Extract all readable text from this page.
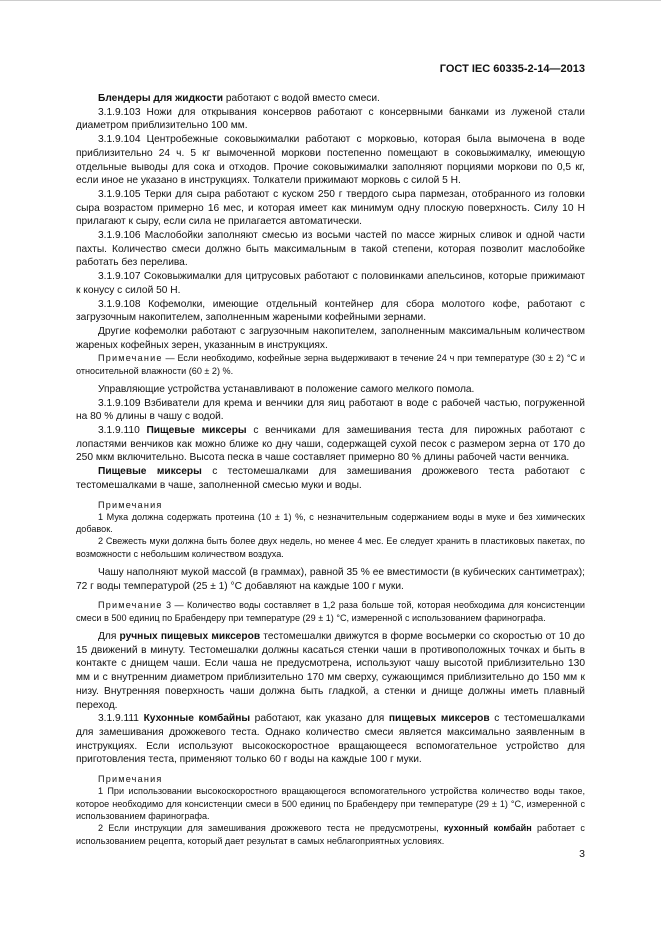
ГОСТ IEC 60335-2-14—2013

Блендеры для жидкости работают с водой вместо смеси.

3.1.9.103 Ножи для открывания консервов работают с консервными банками из луженой стали диаметром приблизительно 100 мм.

3.1.9.104 Центробежные соковыжималки работают с морковью, которая была вымочена в воде приблизительно 24 ч. 5 кг вымоченной моркови постепенно помещают в соковыжималку, имеющую отдельные выводы для сока и отходов. Прочие соковыжималки заполняют порциями моркови по 0,5 кг, если иное не указано в инструкциях. Толкатели прижимают морковь с силой 5 Н.

3.1.9.105 Терки для сыра работают с куском 250 г твердого сыра пармезан, отобранного из головки сыра возрастом примерно 16 мес, и которая имеет как минимум одну плоскую поверхность. Силу 10 Н прилагают к сыру, если сила не прилагается автоматически.

3.1.9.106 Маслобойки заполняют смесью из восьми частей по массе жирных сливок и одной части пахты. Количество смеси должно быть максимальным в такой степени, которая позволит маслобойке работать без перелива.

3.1.9.107 Соковыжималки для цитрусовых работают с половинками апельсинов, которые прижимают к конусу с силой 50 Н.

3.1.9.108 Кофемолки, имеющие отдельный контейнер для сбора молотого кофе, работают с загрузочным накопителем, заполненным жареными кофейными зернами.

Другие кофемолки работают с загрузочным накопителем, заполненным максимальным количеством жареных кофейных зерен, указанным в инструкциях.

Примечание — Если необходимо, кофейные зерна выдерживают в течение 24 ч при температуре (30 ± 2) °С и относительной влажности (60 ± 2) %.

Управляющие устройства устанавливают в положение самого мелкого помола.

3.1.9.109 Взбиватели для крема и венчики для яиц работают в воде с рабочей частью, погруженной на 80 % длины в чашу с водой.

3.1.9.110 Пищевые миксеры с венчиками для замешивания теста для пирожных работают с лопастями венчиков как можно ближе ко дну чаши, содержащей сухой песок с размером зерна от 170 до 250 мкм включительно. Высота песка в чаше составляет примерно 80 % длины рабочей части венчика.

Пищевые миксеры с тестомешалками для замешивания дрожжевого теста работают с тестомешалками в чаше, заполненной смесью муки и воды.

Примечания

1 Мука должна содержать протеина (10 ± 1) %, с незначительным содержанием воды в муке и без химических добавок.

2 Свежесть муки должна быть более двух недель, но менее 4 мес. Ее следует хранить в пластиковых пакетах, по возможности с небольшим количеством воздуха.

Чашу наполняют мукой массой (в граммах), равной 35 % ее вместимости (в кубических сантиметрах); 72 г воды температурой (25 ± 1) °С добавляют на каждые 100 г муки.

Примечание 3 — Количество воды составляет в 1,2 раза больше той, которая необходима для консистенции смеси в 500 единиц по Брабендеру при температуре (29 ± 1) °С, измеренной с использованием фаринографа.

Для ручных пищевых миксеров тестомешалки движутся в форме восьмерки со скоростью от 10 до 15 движений в минуту. Тестомешалки должны касаться стенки чаши в противоположных точках и быть в контакте с днищем чаши. Если чаша не предусмотрена, используют чашу высотой приблизительно 130 мм и с внутренним диаметром приблизительно 170 мм сверху, сужающимся приблизительно до 150 мм к низу. Внутренняя поверхность чаши должна быть гладкой, а стенки и днище должны иметь плавный переход.

3.1.9.111 Кухонные комбайны работают, как указано для пищевых миксеров с тестомешалками для замешивания дрожжевого теста. Однако количество смеси является максимально заявленным в инструкциях. Если используют высокоскоростное вращающееся вспомогательное устройство для приготовления теста, применяют только 60 г воды на каждые 100 г муки.

Примечания

1 При использовании высокоскоростного вращающегося вспомогательного устройства количество воды такое, которое необходимо для консистенции смеси в 500 единиц по Брабендеру при температуре (29 ± 1) °С, измеренной с использованием фаринографа.

2 Если инструкции для замешивания дрожжевого теста не предусмотрены, кухонный комбайн работает с использованием рецепта, который дает результат в самых неблагоприятных условиях.

3
